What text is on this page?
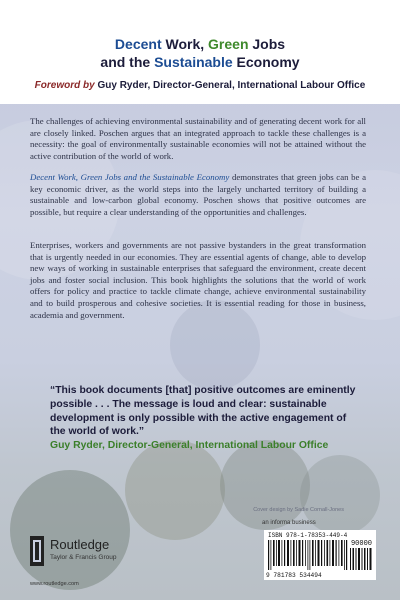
Decent Work, Green Jobs
and the Sustainable Economy
Foreword by Guy Ryder, Director-General, International Labour Office
The challenges of achieving environmental sustainability and of generating decent work for all are closely linked. Poschen argues that an integrated approach to tackle these challenges is a necessity: the goal of environmentally sustainable economies will not be attained without the active contribution of the world of work.
Decent Work, Green Jobs and the Sustainable Economy demonstrates that green jobs can be a key economic driver, as the world steps into the largely uncharted territory of building a sustainable and low-carbon global economy. Poschen shows that positive outcomes are possible, but require a clear understanding of the opportunities and challenges.
Enterprises, workers and governments are not passive bystanders in the great transformation that is urgently needed in our economies. They are essential agents of change, able to develop new ways of working in sustainable enterprises that safeguard the environment, create decent jobs and foster social inclusion. This book highlights the solutions that the world of work offers for policy and practice to tackle climate change, achieve environmental sustainability and to build prosperous and cohesive societies. It is essential reading for those in business, academia and government.
“This book documents [that] positive outcomes are eminently possible . . . The message is loud and clear: sustainable development is only possible with the active engagement of the world of work.”
Guy Ryder, Director-General, International Labour Office
Cover design by Sadie Cornall-Jones
an informa business
ISBN 978-1-78353-449-4
90000
9 781783 534494
Routledge
Taylor & Francis Group
www.routledge.com
